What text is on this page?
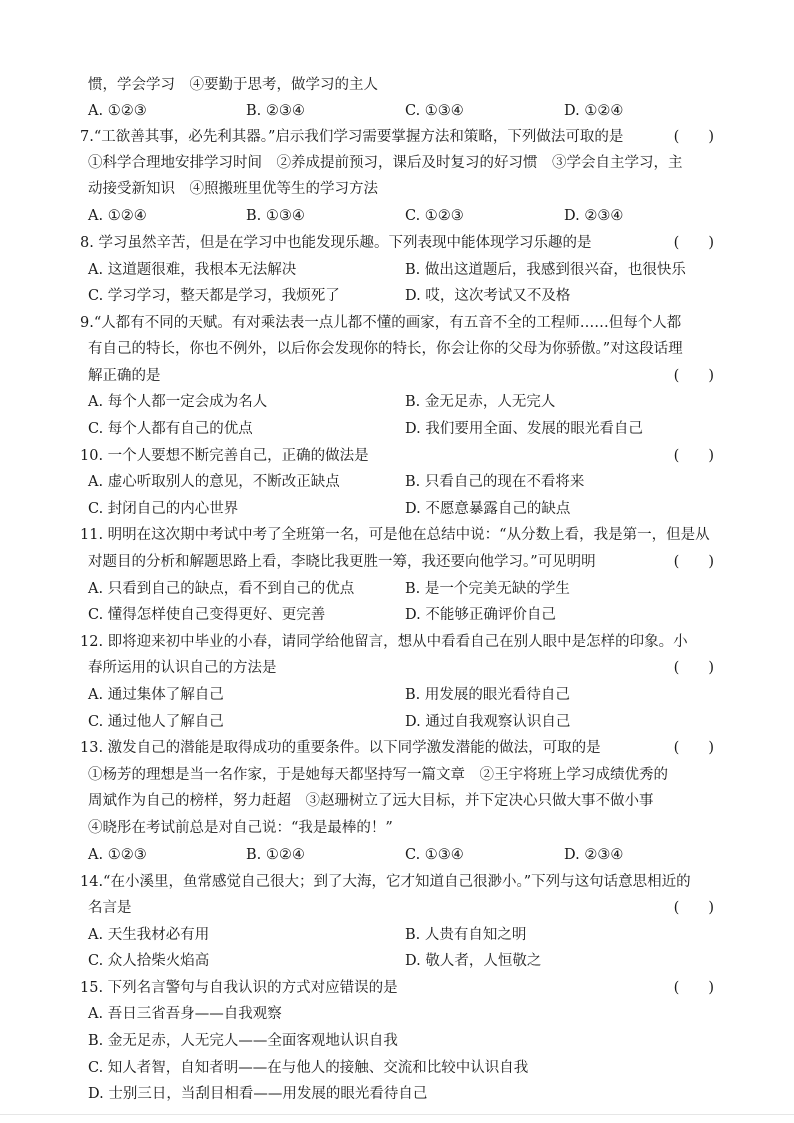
惯，学会学习　④要勤于思考，做学习的主人
A. ①②③	B. ②③④	C. ①③④	D. ①②④
7.“工欲善其事，必先利其器。”启示我们学习需要掌握方法和策略，下列做法可取的是	(　　)
①科学合理地安排学习时间　②养成提前预习，课后及时复习的好习惯　③学会自主学习，主
动接受新知识　④照搬班里优等生的学习方法
A. ①②④	B. ①③④	C. ①②③	D. ②③④
8. 学习虽然辛苦，但是在学习中也能发现乐趣。下列表现中能体现学习乐趣的是	(　　)
A. 这道题很难，我根本无法解决	B. 做出这道题后，我感到很兴奋，也很快乐
C. 学习学习，整天都是学习，我烦死了	D. 哎，这次考试又不及格
9.“人都有不同的天赋。有对乘法表一点儿都不懂的画家，有五音不全的工程师……但每个人都
有自己的特长，你也不例外，以后你会发现你的特长，你会让你的父母为你骄傲。”对这段话理
解正确的是	(　　)
A. 每个人都一定会成为名人	B. 金无足赤，人无完人
C. 每个人都有自己的优点	D. 我们要用全面、发展的眼光看自己
10. 一个人要想不断完善自己，正确的做法是	(　　)
A. 虚心听取别人的意见，不断改正缺点	B. 只看自己的现在不看将来
C. 封闭自己的内心世界	D. 不愿意暴露自己的缺点
11. 明明在这次期中考试中考了全班第一名，可是他在总结中说：“从分数上看，我是第一，但是从
对题目的分析和解题思路上看，李晓比我更胜一筹，我还要向他学习。”可见明明	(　　)
A. 只看到自己的缺点，看不到自己的优点	B. 是一个完美无缺的学生
C. 懂得怎样使自己变得更好、更完善	D. 不能够正确评价自己
12. 即将迎来初中毕业的小春，请同学给他留言，想从中看看自己在别人眼中是怎样的印象。小
春所运用的认识自己的方法是	(　　)
A. 通过集体了解自己	B. 用发展的眼光看待自己
C. 通过他人了解自己	D. 通过自我观察认识自己
13. 激发自己的潜能是取得成功的重要条件。以下同学激发潜能的做法，可取的是	(　　)
①杨芳的理想是当一名作家，于是她每天都坚持写一篇文章　②王宇将班上学习成绩优秀的
周斌作为自己的榜样，努力赶超　③赵珊树立了远大目标，并下定决心只做大事不做小事
④晓彤在考试前总是对自己说：“我是最棒的！”
A. ①②③	B. ①②④	C. ①③④	D. ②③④
14.“在小溪里，鱼常感觉自己很大；到了大海，它才知道自己很渺小。”下列与这句话意思相近的
名言是	(　　)
A. 天生我材必有用	B. 人贵有自知之明
C. 众人拾柴火焰高	D. 敬人者，人恒敬之
15. 下列名言警句与自我认识的方式对应错误的是	(　　)
A. 吾日三省吾身——自我观察
B. 金无足赤，人无完人——全面客观地认识自我
C. 知人者智，自知者明——在与他人的接触、交流和比较中认识自我
D. 士别三日，当刮目相看——用发展的眼光看待自己
